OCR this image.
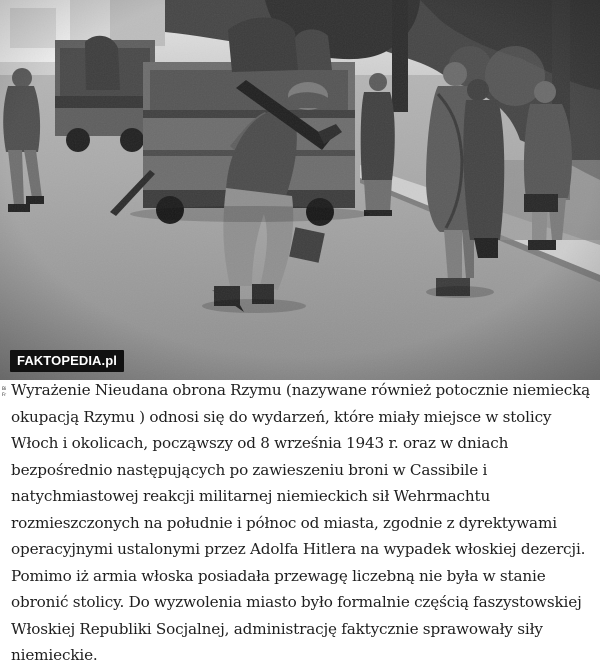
FAKTOPEDIA.pl
Bi
Fr Wyrażenie Nieudana obrona Rzymu (nazywane również potocznie niemiecką okupacją Rzymu ) odnosi się do wydarzeń, które miały miejsce w stolicy Włoch i okolicach, począwszy od 8 września 1943 r. oraz w dniach bezpośrednio następujących po zawieszeniu broni w Cassibile i natychmiastowej reakcji militarnej niemieckich sił Wehrmachtu rozmieszczonych na południe i północ od miasta, zgodnie z dyrektywami operacyjnymi ustalonymi przez Adolfa Hitlera na wypadek włoskiej dezercji. Pomimo iż armia włoska posiadała przewagę liczebną nie była w stanie obronić stolicy. Do wyzwolenia miasto było formalnie częścią faszystowskiej Włoskiej Republiki Socjalnej, administrację faktycznie sprawowały siły niemieckie.
